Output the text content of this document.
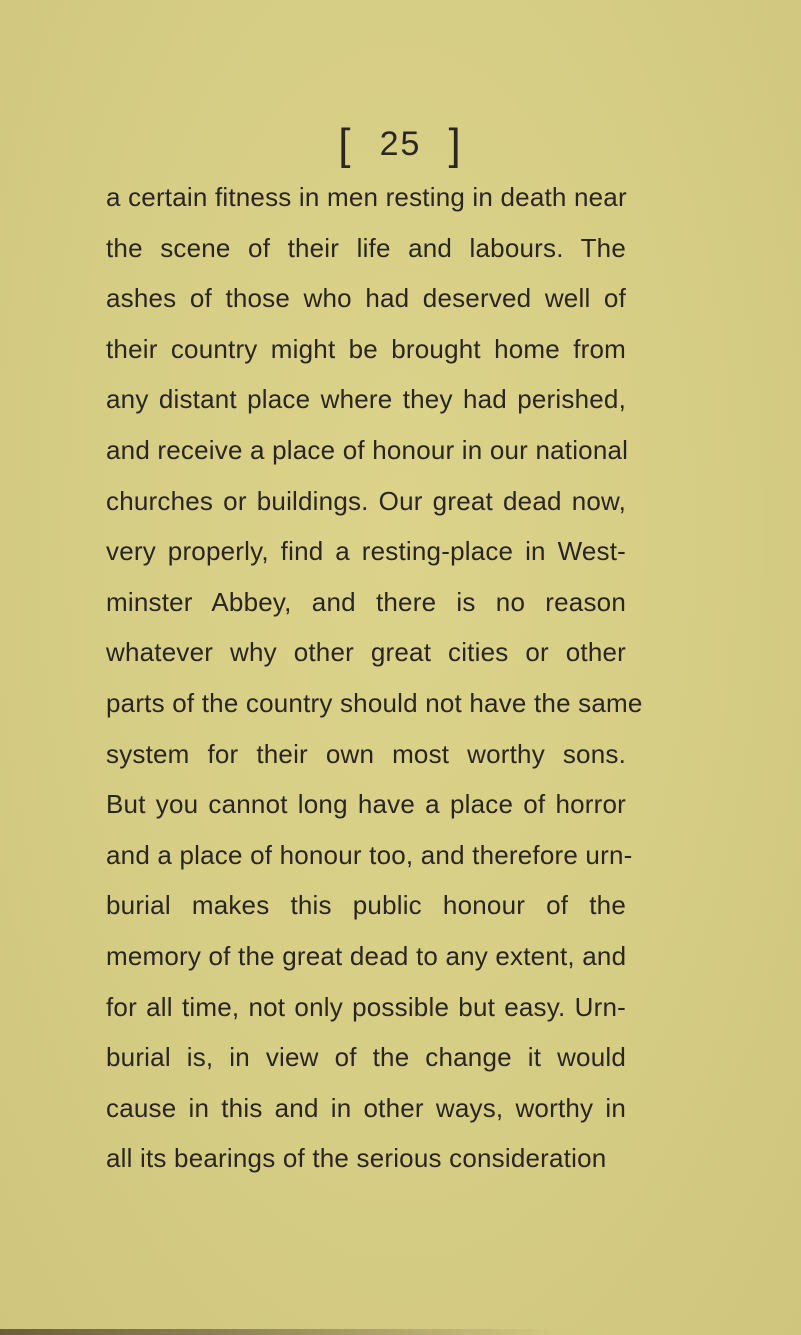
[ 25 ]
a certain fitness in men resting in death near
the scene of their life and labours. The
ashes of those who had deserved well of
their country might be brought home from
any distant place where they had perished,
and receive a place of honour in our national
churches or buildings. Our great dead now,
very properly, find a resting-place in West-
minster Abbey, and there is no reason
whatever why other great cities or other
parts of the country should not have the same
system for their own most worthy sons.
But you cannot long have a place of horror
and a place of honour too, and therefore urn-
burial makes this public honour of the
memory of the great dead to any extent, and
for all time, not only possible but easy. Urn-
burial is, in view of the change it would
cause in this and in other ways, worthy in
all its bearings of the serious consideration
